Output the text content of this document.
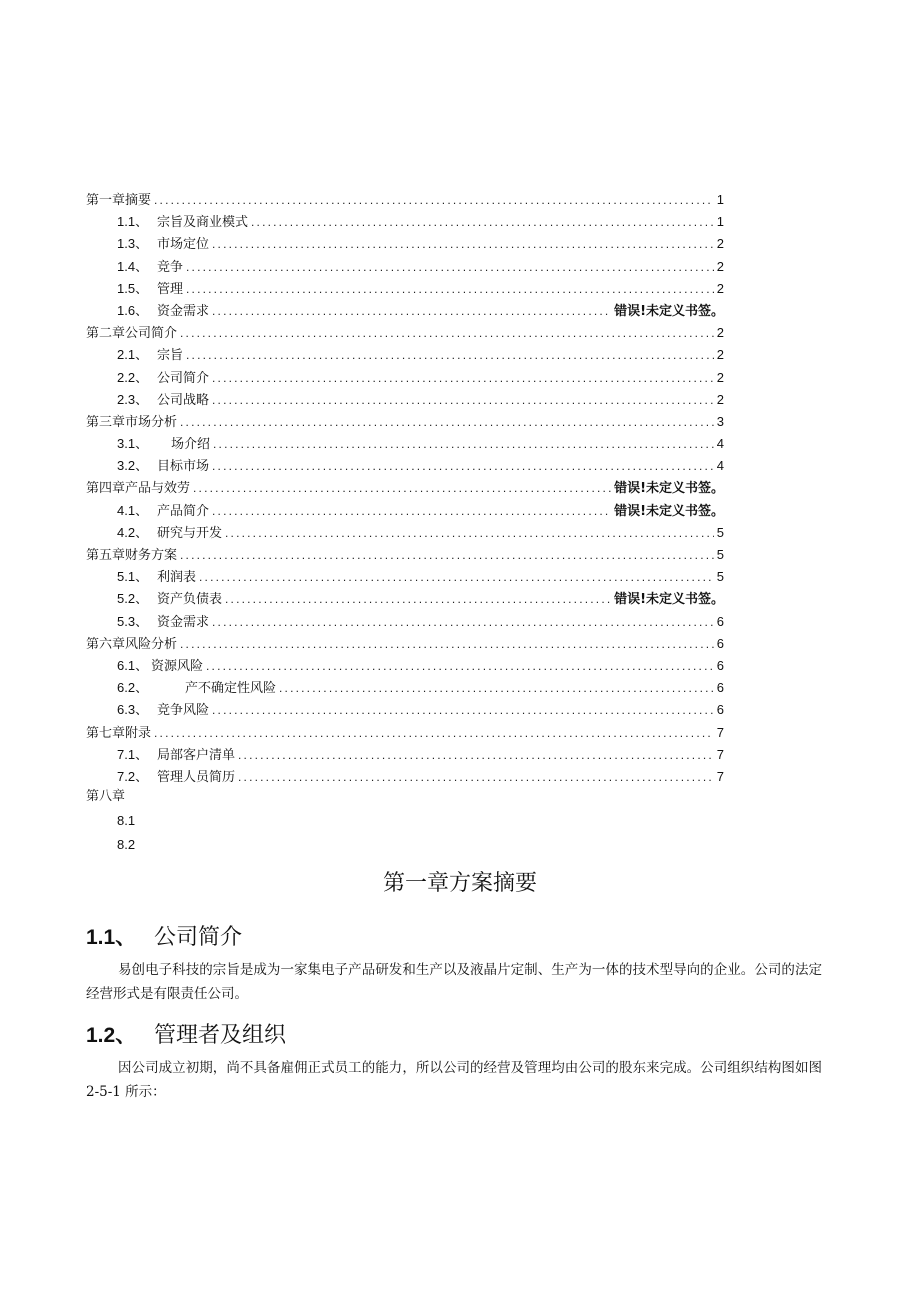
第一章摘要 .....	1
1.1、 宗旨及商业模式 .....	1
1.3、 市场定位 .....	2
1.4、 竞争 .....	2
1.5、 管理 .....	2
1.6、 资金需求 .....	错误!未定义书签。
第二章公司简介 .....	2
2.1、 宗旨 .....	2
2.2、 公司简介 .....	2
2.3、 公司战略 .....	2
第三章市场分析 .....	3
3.1、	场介绍 .....	4
3.2、 目标市场 .....	4
第四章产品与效劳 .....	错误!未定义书签。
4.1、 产品简介 .....	错误!未定义书签。
4.2、 研究与开发 .....	5
第五章财务方案 .....	5
5.1、 利润表 .....	5
5.2、 资产负债表 .....	错误!未定义书签。
5.3、 资金需求 .....	6
第六章风险分析 .....	6
6.1、 资源风险 .....	6
6.2、	产不确定性风险 .....	6
6.3、 竞争风险 .....	6
第七章附录 .....	7
7.1、 局部客户清单 .....	7
7.2、 管理人员简历 .....	7
第八章
8.1
8.2
第一章方案摘要
1.1、 公司简介
易创电子科技的宗旨是成为一家集电子产品研发和生产以及液晶片定制、生产为一体的技术型导向的企业。公司的法定经营形式是有限责任公司。
1.2、 管理者及组织
因公司成立初期，尚不具备雇佣正式员工的能力，所以公司的经营及管理均由公司的股东来完成。公司组织结构图如图 2-5-1 所示：
